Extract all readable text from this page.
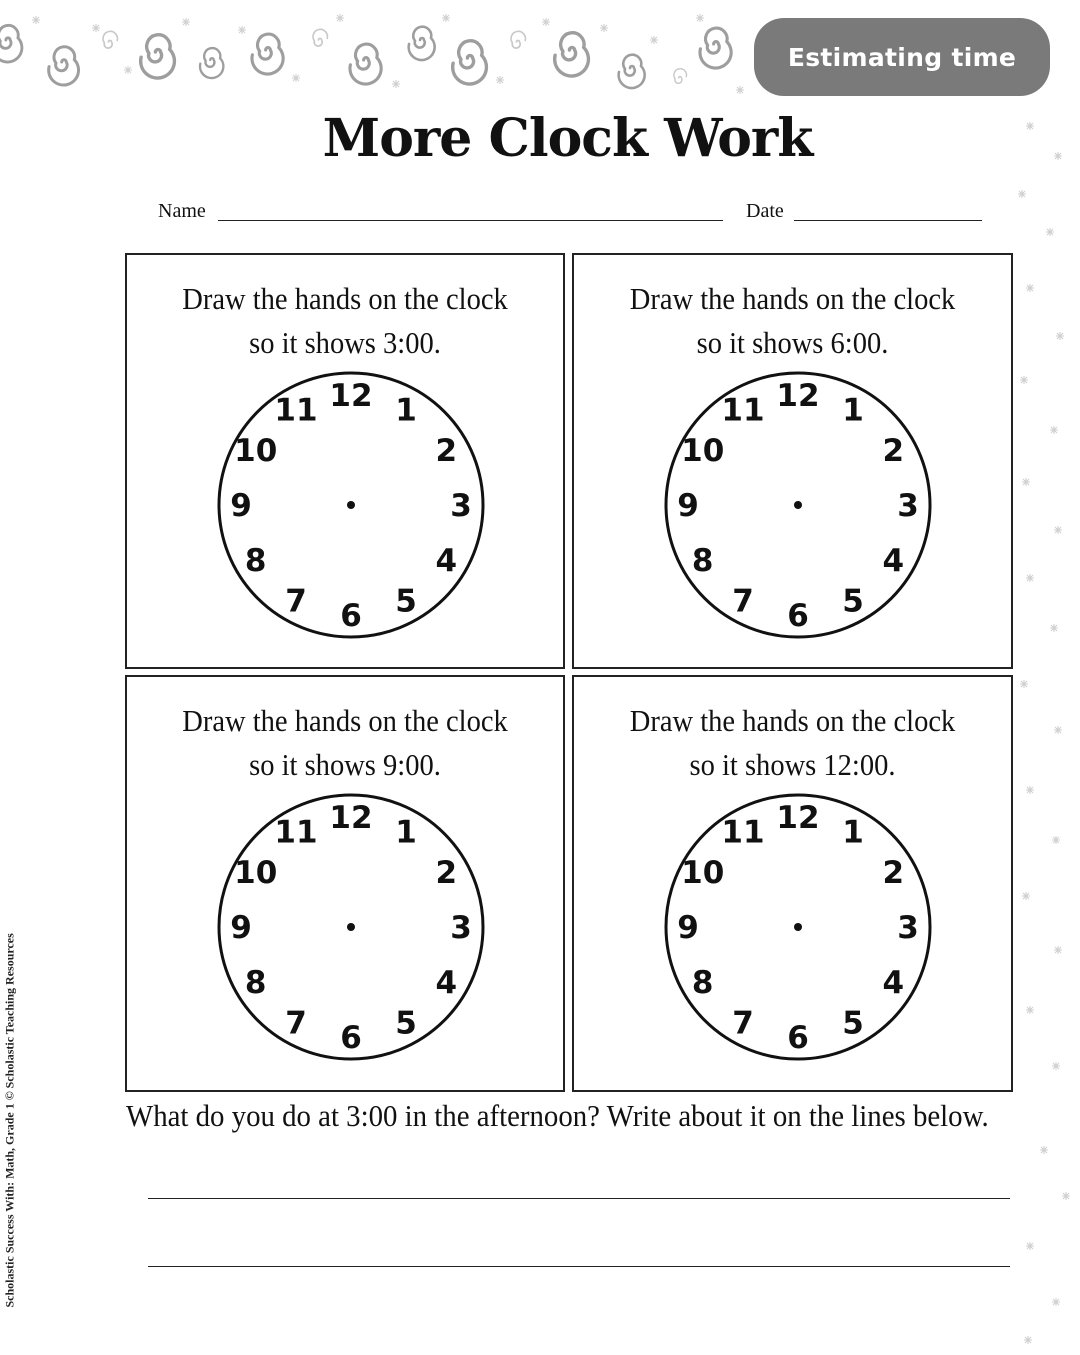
Estimating time
More Clock Work
Name	Date
Draw the hands on the clock
so it shows 3:00.
12 1
2
3
4
5
6
7
8
9
10
11
Draw the hands on the clock
so it shows 6:00.
12 1
2
3
4
5
6
7
8
9
10
11
Draw the hands on the clock
so it shows 9:00.
12 1
2
3
4
5
6
7
8
9
10
11
Draw the hands on the clock
so it shows 12:00.
12 1
2
3
4
5
6
7
8
9
10
11
What do you do at 3:00 in the afternoon? Write about it on the lines below.
Scholastic Success With: Math, Grade 1 © Scholastic Teaching Resources
